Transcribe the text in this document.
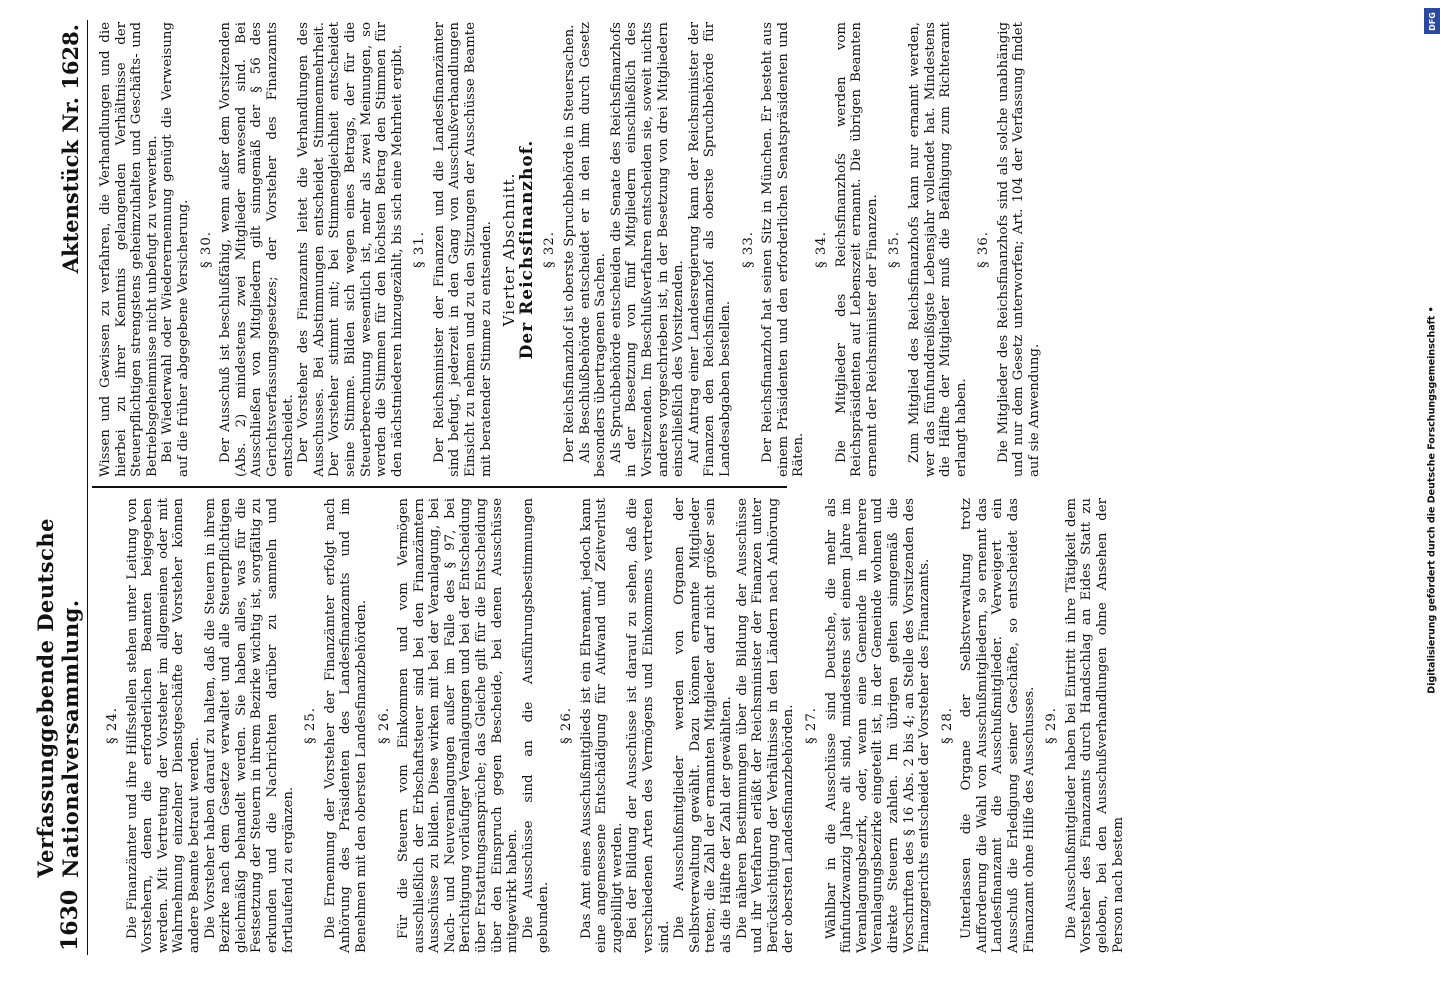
1630
Verfassunggebende Deutsche Nationalversammlung.
Aktenstück Nr. 1628.
§ 24. Die Finanzämter und ihre Hilfsstellen stehen unter Leitung von Vorstehern, denen die erforderlichen Beamten beigegeben werden. Mit Vertretung der Vorsteher im allgemeinen oder mit Wahrnehmung einzelner Dienstgeschäfte der Vorsteher können andere Beamte betraut werden. Die Vorsteher haben darauf zu halten, daß die Steuern in ihrem Bezirke nach dem Gesetze verwaltet und alle Steuerpflichtigen gleichmäßig behandelt werden. Sie haben alles, was für die Festsetzung der Steuern in ihrem Bezirke wichtig ist, sorgfältig zu erkunden und die Nachrichten darüber zu sammeln und fortlaufend zu ergänzen.

§ 25. Die Ernennung der Vorsteher der Finanzämter erfolgt nach Anhörung des Präsidenten des Landesfinanzamts und im Benehmen mit den obersten Landesfinanzbehörden. § 26. Für die Steuern vom Einkommen und vom Vermögen ausschließlich der Erbschaftsteuer sind bei den Finanzämtern Ausschüsse zu bilden. Diese wirken mit bei der Veranlagung, bei Nach- und Neuveranlagungen außer im Falle des § 97, bei Berichtigung vorläufiger Veranlagungen und bei der Entscheidung über Erstattungsansprüche; das Gleiche gilt für die Entscheidung über den Einspruch gegen Bescheide, bei denen Ausschüsse mitgewirkt haben. Die Ausschüsse sind an die Ausführungsbestimmungen gebunden.

§ 26. Das Amt eines Ausschußmitglieds ist ein Ehrenamt, jedoch kann eine angemessene Entschädigung für Aufwand und Zeitverlust zugebilligt werden. Bei der Bildung der Ausschüsse ist darauf zu sehen, daß die verschiedenen Arten des Vermögens und Einkommens vertreten sind. Die Ausschußmitglieder werden von Organen der Selbstverwaltung gewählt. Dazu können ernannte Mitglieder treten; die Zahl der ernannten Mitglieder darf nicht größer sein als die Hälfte der Zahl der gewählten. Die näheren Bestimmungen über die Bildung der Ausschüsse und ihr Verfahren erläßt der Reichsminister der Finanzen unter Berücksichtigung der Verhältnisse in den Ländern nach Anhörung der obersten Landesfinanzbehörden. § 27. Wählbar in die Ausschüsse sind Deutsche, die mehr als fünfundzwanzig Jahre alt sind, mindestens seit einem Jahre im Veranlagungsbezirk, oder, wenn eine Gemeinde in mehrere Veranlagungsbezirke eingeteilt ist, in der Gemeinde wohnen und direkte Steuern zahlen. Im übrigen gelten sinngemäß die Vorschriften des § 16 Abs. 2 bis 4; an Stelle des Vorsitzenden des Finanzgerichts entscheidet der Vorsteher des Finanzamts. § 28. Unterlassen die Organe der Selbstverwaltung trotz Aufforderung die Wahl von Ausschußmitgliedern, so ernennt das Landesfinanzamt die Ausschußmitglieder. Verweigert ein Ausschuß die Erledigung seiner Geschäfte, so entscheidet das Finanzamt ohne Hilfe des Ausschusses. § 29. Die Ausschußmitglieder haben bei Eintritt in ihre Tätigkeit dem Vorsteher des Finanzamts durch Handschlag an Eides Statt zu geloben, bei den Ausschußverhandlungen ohne Ansehen der Person nach bestem

Wissen und Gewissen zu verfahren, die Verhandlungen und die hierbei zu ihrer Kenntnis gelangenden Verhältnisse der Steuerpflichtigen strengstens geheimzuhalten und Geschäfts- und Betriebsgeheimnisse nicht unbefugt zu verwerten. Bei Wiederwahl oder Wiederernennung genügt die Verweisung auf die früher abgegebene Versicherung. § 30. Der Ausschuß ist beschlußfähig, wenn außer dem Vorsitzenden (Abs. 2) mindestens zwei Mitglieder anwesend sind. Bei Ausschließen von Mitgliedern gilt sinngemäß der § 56 des Gerichtsverfassungsgesetzes; der Vorsteher des Finanzamts entscheidet. Der Vorsteher des Finanzamts leitet die Verhandlungen des Ausschusses. Bei Abstimmungen entscheidet Stimmenmehrheit. Der Vorsteher stimmt mit; bei Stimmengleichheit entscheidet seine Stimme. Bilden sich wegen eines Betrags, der für die Steuerberechnung wesentlich ist, mehr als zwei Meinungen, so werden die Stimmen für den höchsten Betrag den Stimmen für den nächstniederen hinzugezählt, bis sich eine Mehrheit ergibt. § 31. Der Reichsminister der Finanzen und die Landesfinanzämter sind befugt, jederzeit in den Gang von Ausschußverhandlungen Einsicht zu nehmen und zu den Sitzungen der Ausschüsse Beamte mit beratender Stimme zu entsenden. Vierter Abschnitt.
Der Reichsfinanzhof. § 32. Der Reichsfinanzhof ist oberste Spruchbehörde in Steuersachen. Als Beschlußbehörde entscheidet er in den ihm durch Gesetz besonders übertragenen Sachen. Als Spruchbehörde entscheiden die Senate des Reichsfinanzhofs in der Besetzung von fünf Mitgliedern einschließlich des Vorsitzenden. Im Beschlußverfahren entscheiden sie, soweit nichts anderes vorgeschrieben ist, in der Besetzung von drei Mitgliedern einschließlich des Vorsitzenden. Auf Antrag einer Landesregierung kann der Reichsminister der Finanzen den Reichsfinanzhof als oberste Spruchbehörde für Landesabgaben bestellen.

§ 33. Der Reichsfinanzhof hat seinen Sitz in München. Er besteht aus einem Präsidenten und den erforderlichen Senatspräsidenten und Räten.

§ 34. Die Mitglieder des Reichsfinanzhofs werden vom Reichspräsidenten auf Lebenszeit ernannt. Die übrigen Beamten ernennt der Reichsminister der Finanzen. § 35. Zum Mitglied des Reichsfinanzhofs kann nur ernannt werden, wer das fünfunddreißigste Lebensjahr vollendet hat. Mindestens die Hälfte der Mitglieder muß die Befähigung zum Richteramt erlangt haben.

§ 36. Die Mitglieder des Reichsfinanzhofs sind als solche unabhängig und nur dem Gesetz unterworfen; Art. 104 der Verfassung findet auf sie Anwendung.

DFG
Digitalisierung gefördert durch die Deutsche Forschungsgemeinschaft •
